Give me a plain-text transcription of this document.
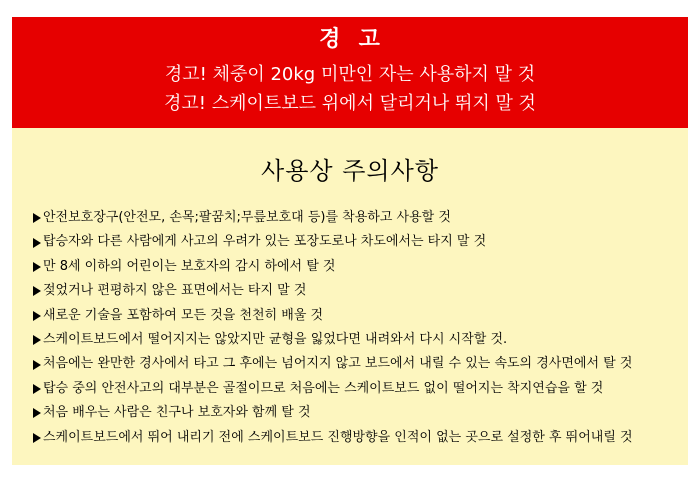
경  고
경고! 체중이 20kg 미만인 자는 사용하지 말 것
경고! 스케이트보드 위에서 달리거나 뛰지 말 것
사용상 주의사항
안전보호장구(안전모, 손목;팔꿈치;무릎보호대 등)를 착용하고 사용할 것
탑승자와 다른 사람에게 사고의 우려가 있는 포장도로나 차도에서는 타지 말 것
만 8세 이하의 어린이는 보호자의 감시 하에서 탈 것
젖었거나 편평하지 않은 표면에서는 타지 말 것
새로운 기술을 포함하여 모든 것을 천천히 배울 것
스케이트보드에서 떨어지지는 않았지만 균형을 잃었다면 내려와서 다시 시작할 것.
처음에는 완만한 경사에서 타고 그 후에는 넘어지지 않고 보드에서 내릴 수 있는 속도의 경사면에서 탈 것
탑승 중의 안전사고의 대부분은 골절이므로 처음에는 스케이트보드 없이 떨어지는 착지연습을 할 것
처음 배우는 사람은 친구나 보호자와 함께 탈 것
스케이트보드에서 뛰어 내리기 전에 스케이트보드 진행방향을 인적이 없는 곳으로 설정한 후 뛰어내릴 것
